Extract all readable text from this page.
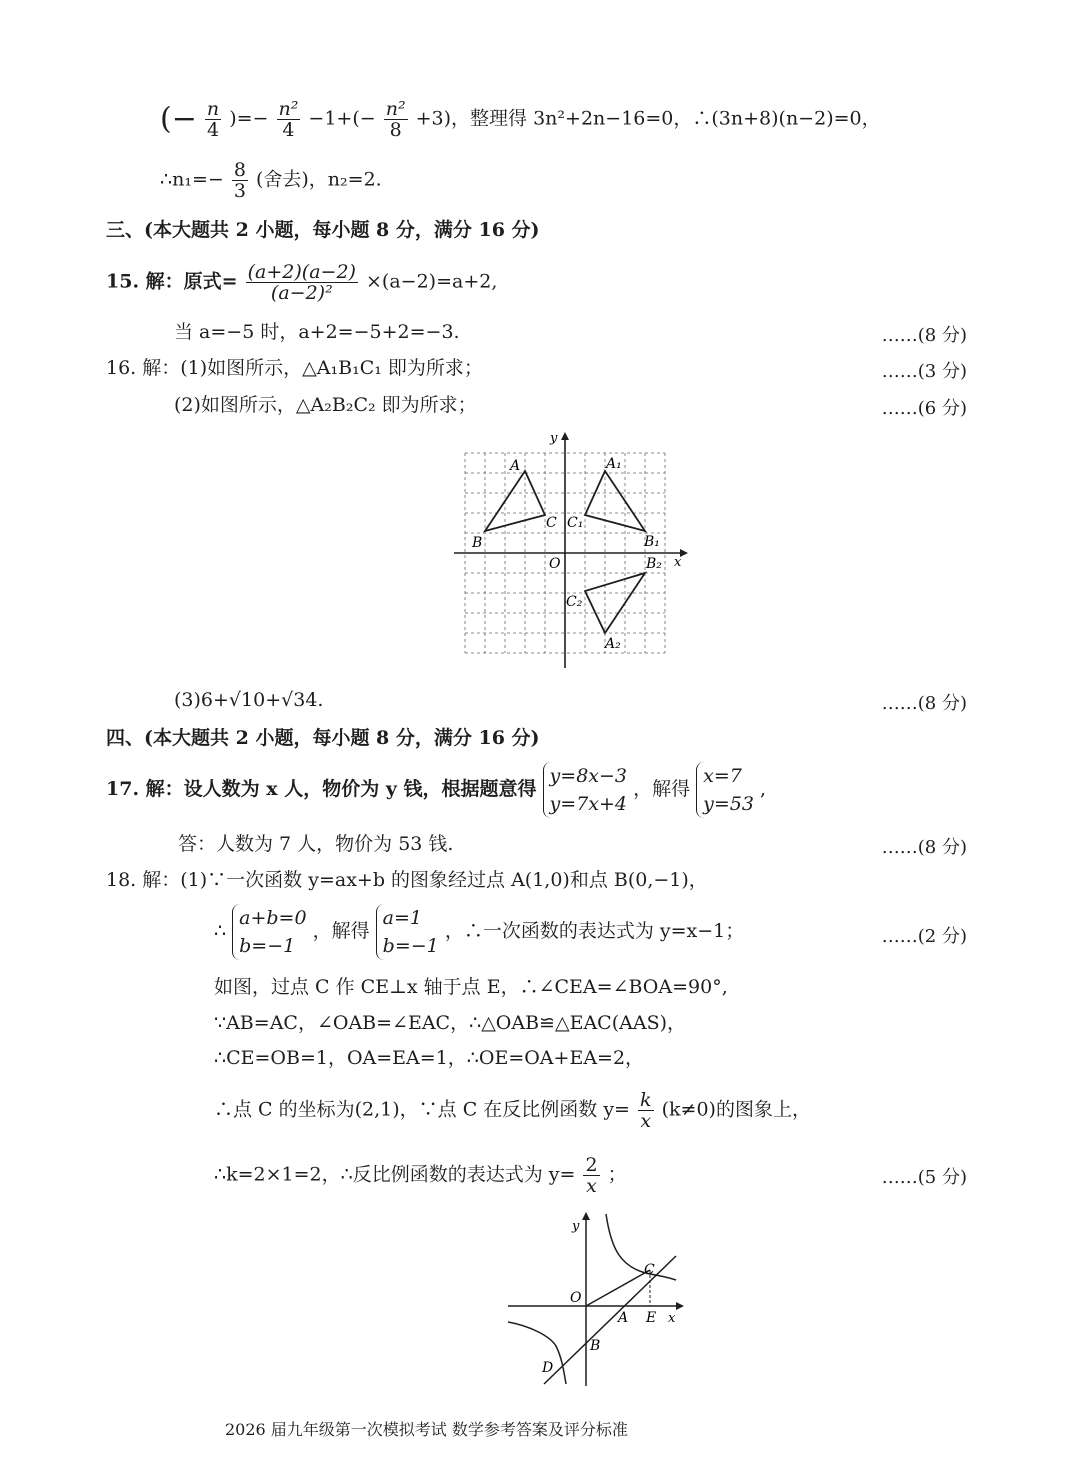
(− $\frac{n}{4}$ )=− $\frac{\text{n²}}{4} -1+(- \frac{\text{n²}}{8} +3)$，整理得 3n²+2n−16=0，∴(3n+8)(n−2)=0，
∴n₁=− $\frac{8}{3}$ (舍去)，n₂=2.
三、(本大题共 2 小题，每小题 8 分，满分 16 分)
15. 解：原式= $\frac{(a+2)(a-2)}{\text{(a−2)²}} \times(a-2)=a+2$,
当 a=−5 时，a+2=−5+2=−3.	……(8 分)
16. 解：(1)如图所示，△A₁B₁C₁ 即为所求；	……(3 分)
(2)如图所示，△A₂B₂C₂ 即为所求；	……(6 分)
y
x
O
A
B
C
A₁
B₁
C₁
A₂
B₂
C₂
(3)6+√10+√34.	……(8 分)
四、(本大题共 2 小题，每小题 8 分，满分 16 分)
17. 解：设人数为 x 人，物价为 y 钱，根据题意得
y=8x−3
y=7x+4
，解得
x=7
y=53
,
答：人数为 7 人，物价为 53 钱.	……(8 分)
18. 解：(1)∵一次函数 y=ax+b 的图象经过点 A(1,0)和点 B(0,−1)，
∴
a+b=0
b=−1
，解得
a=1
b=−1
，∴一次函数的表达式为 y=x−1；	……(2 分)
如图，过点 C 作 CE⊥x 轴于点 E，∴∠CEA=∠BOA=90°,
∵AB=AC，∠OAB=∠EAC，∴△OAB≌△EAC(AAS)，
∴CE=OB=1，OA=EA=1，∴OE=OA+EA=2，
∴点 C 的坐标为(2,1)，∵点 C 在反比例函数 $y= \frac{k}{x} (k\ne 0)$的图象上，
∴k=2×1=2，∴反比例函数的表达式为 $y= \frac{2}{x}$ ；	……(5 分)
y
x
O
C
A E
B
D
2026 届九年级第一次模拟考试 数学参考答案及评分标准
